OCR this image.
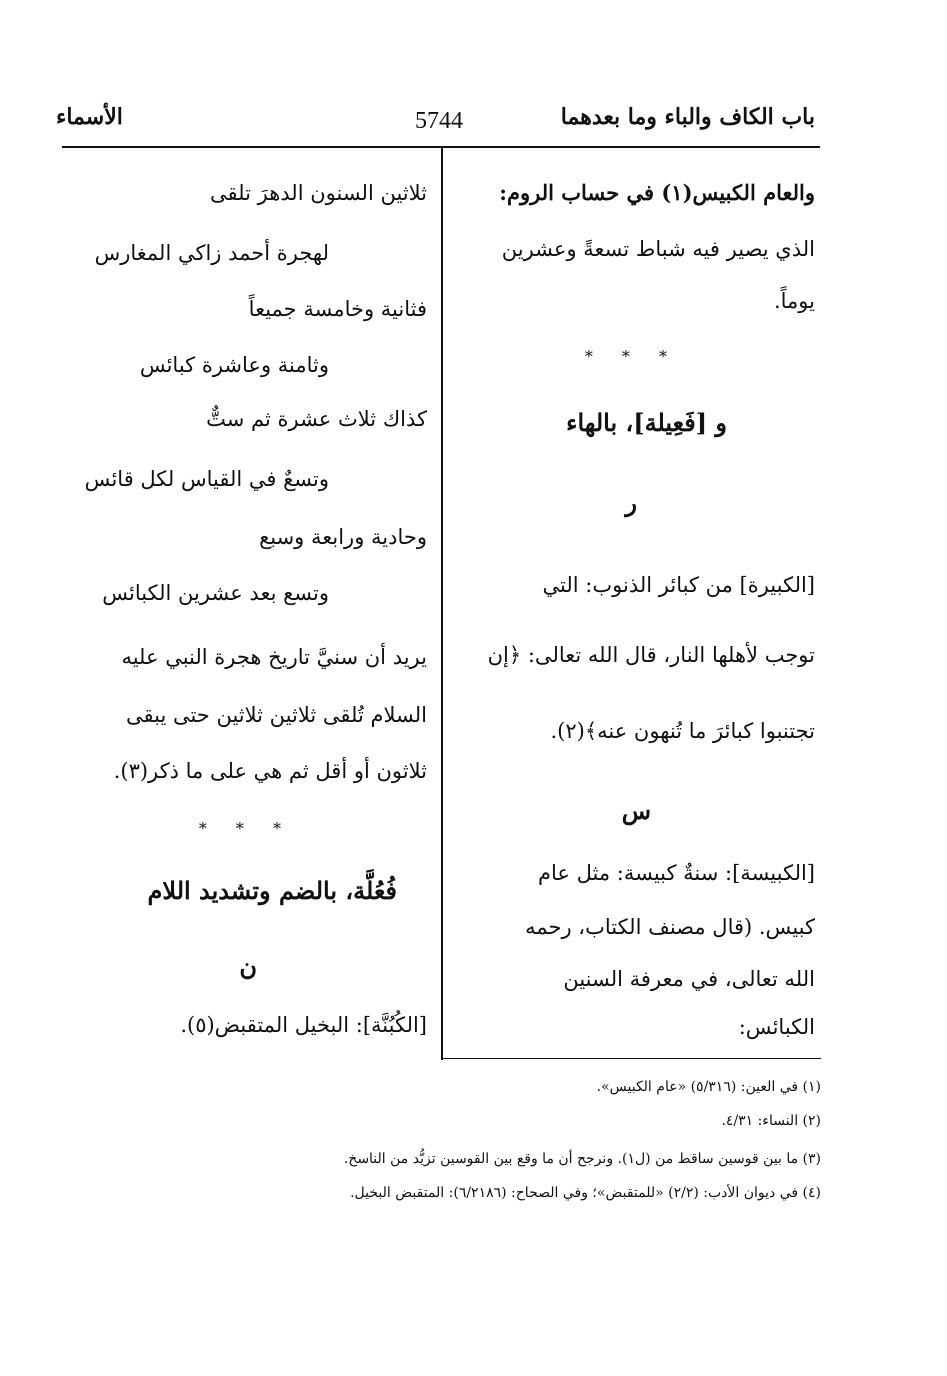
باب الكاف والباء وما بعدهما
5744
الأسماء
والعام الكبيس(١) في حساب الروم:
الذي يصير فيه شباط تسعةً وعشرين
يوماً.
* * *
و [فَعِيلة]، بالهاء
ر
[الكبيرة] من كبائر الذنوب: التي
توجب لأهلها النار، قال الله تعالى: ﴿إن
تجتنبوا كبائرَ ما تُنهون عنه﴾(٢).
س
[الكبيسة]: سنةٌ كبيسة: مثل عام
كبيس. (قال مصنف الكتاب، رحمه
الله تعالى، في معرفة السنين
الكبائس:
ثلاثين السنون الدهرَ تلقى
لهجرة أحمد زاكي المغارس
فثانية وخامسة جميعاً
وثامنة وعاشرة كبائس
كذاك ثلاث عشرة ثم ستٌّ
وتسعٌ في القياس لكل قائس
وحادية ورابعة وسبع
وتسع بعد عشرين الكبائس
يريد أن سنيَّ تاريخ هجرة النبي عليه
السلام تُلقى ثلاثين ثلاثين حتى يبقى
ثلاثون أو أقل ثم هي على ما ذكر(٣).
* * *
فُعُلَّة، بالضم وتشديد اللام
ن
[الكُبُنَّة]: البخيل المتقبض(٥).
(١) في العين: (٥/٣١٦) «عام الكبيس».
(٢) النساء: ٤/٣١.
(٣) ما بين قوسين ساقط من (ل١). ونرجح أن ما وقع بين القوسين تزيُّد من الناسخ.
(٤) في ديوان الأدب: (٢/٢) «للمتقبض»؛ وفي الصحاح: (٦/٢١٨٦): المتقبض البخيل.
